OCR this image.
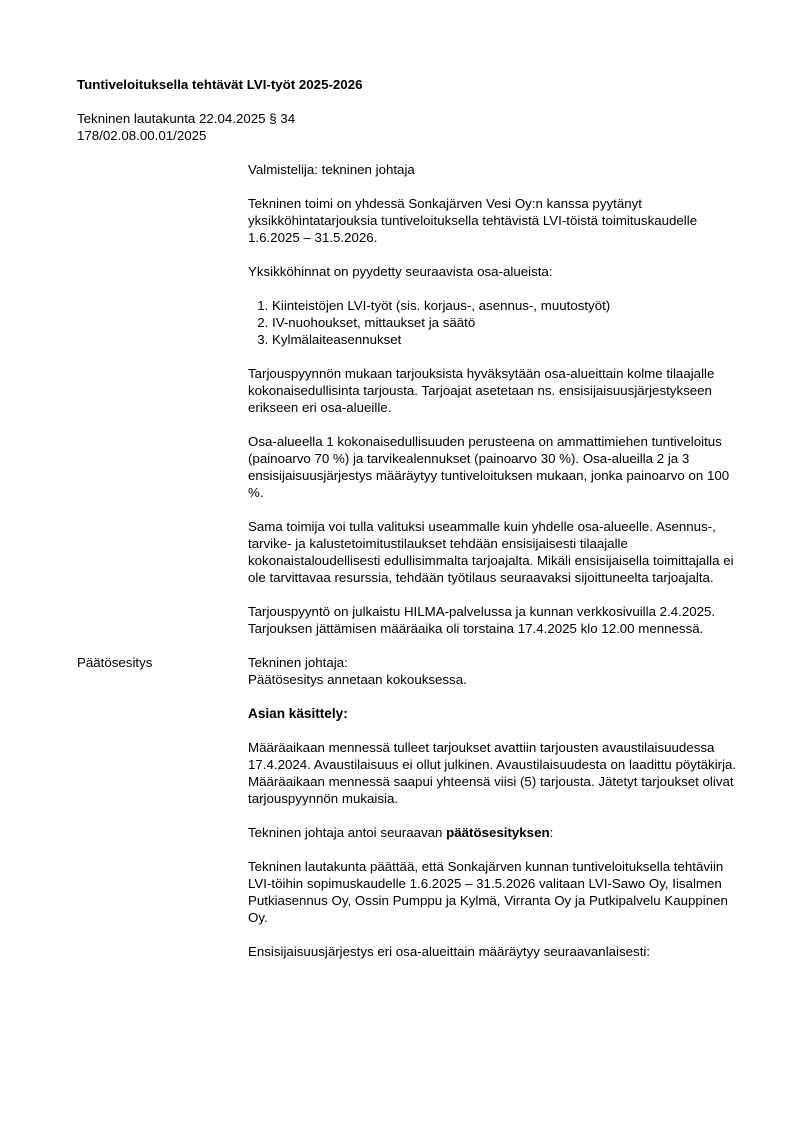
Tuntiveloituksella tehtävät LVI-työt 2025-2026

Tekninen lautakunta 22.04.2025 § 34
178/02.08.00.01/2025

Valmistelija: tekninen johtaja

Tekninen toimi on yhdessä Sonkajärven Vesi Oy:n kanssa pyytänyt yksikköhintatarjouksia tuntiveloituksella tehtävistä LVI-töistä toimituskaudelle 1.6.2025 – 31.5.2026.

Yksikköhinnat on pyydetty seuraavista osa-alueista:

1. Kiinteistöjen LVI-työt (sis. korjaus-, asennus-, muutostyöt)
2. IV-nuohoukset, mittaukset ja säätö
3. Kylmälaiteasennukset

Tarjouspyynnön mukaan tarjouksista hyväksytään osa-alueittain kolme tilaajalle kokonaisedullisinta tarjousta. Tarjoajat asetetaan ns. ensisijaisuusjärjestykseen erikseen eri osa-alueille.

Osa-alueella 1 kokonaisedullisuuden perusteena on ammattimiehen tuntiveloitus (painoarvo 70 %) ja tarvikealennukset (painoarvo 30 %). Osa-alueilla 2 ja 3 ensisijaisuusjärjestys määräytyy tuntiveloituksen mukaan, jonka painoarvo on 100 %.

Sama toimija voi tulla valituksi useammalle kuin yhdelle osa-alueelle. Asennus-, tarvike- ja kalustetoimitustilaukset tehdään ensisijaisesti tilaajalle kokonaistaloudellisesti edullisimmalta tarjoajalta. Mikäli ensisijaisella toimittajalla ei ole tarvittavaa resurssia, tehdään työtilaus seuraavaksi sijoittuneelta tarjoajalta.

Tarjouspyyntö on julkaistu HILMA-palvelussa ja kunnan verkkosivuilla 2.4.2025. Tarjouksen jättämisen määräaika oli torstaina 17.4.2025 klo 12.00 mennessä.

Päätösesitys	Tekninen johtaja:
Päätösesitys annetaan kokouksessa.

Asian käsittely:

Määräaikaan mennessä tulleet tarjoukset avattiin tarjousten avaustilaisuudessa 17.4.2024. Avaustilaisuus ei ollut julkinen. Avaustilaisuudesta on laadittu pöytäkirja. Määräaikaan mennessä saapui yhteensä viisi (5) tarjousta. Jätetyt tarjoukset olivat tarjouspyynnön mukaisia.

Tekninen johtaja antoi seuraavan päätösesityksen:

Tekninen lautakunta päättää, että Sonkajärven kunnan tuntiveloituksella tehtäviin LVI-töihin sopimuskaudelle 1.6.2025 – 31.5.2026 valitaan LVI-Sawo Oy, Iisalmen Putkiasennus Oy, Ossin Pumppu ja Kylmä, Virranta Oy ja Putkipalvelu Kauppinen Oy.

Ensisijaisuusjärjestys eri osa-alueittain määräytyy seuraavanlaisesti:
